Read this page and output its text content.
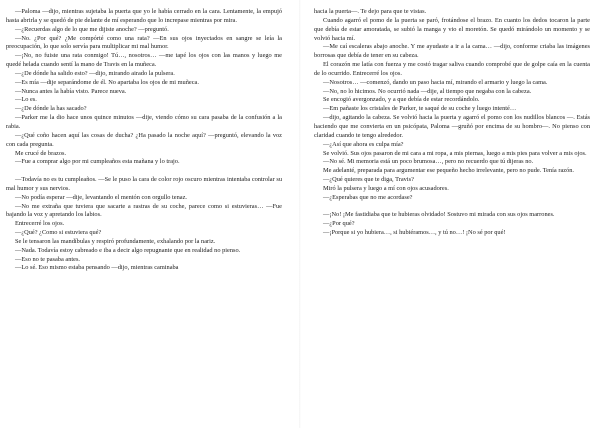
—Paloma —dijo, mientras sujetaba la puerta que yo le había cerrado en la cara. Lentamente, la empujó hasta abrirla y se quedó de pie delante de mí esperando que lo increpase mientras por mira.

—¿Recuerdas algo de lo que me dijiste anoche? —preguntó.

—No. ¿Por qué? ¿Me compórté como una rata? —En sus ojos inyectados en sangre se leía la preocupación, lo que solo servía para multiplicar mi mal humor.

—¡No, no fuiste una rata conmigo! Tú…, nosotros… —me tapé los ojos con las manos y luego me quedé helada cuando sentí la mano de Travis en la muñeca.

—¿De dónde ha salido esto? —dijo, mirando airado la pulsera.

—Es mía —dije separándome de él. No apartaba los ojos de mi muñeca.

—Nunca antes la había visto. Parece nueva.

—Lo es.

—¿De dónde la has sacado?

—Parker me la dio hace unos quince minutos —dije, viendo cómo su cara pasaba de la confusión a la rabia.

—¿Qué coño hacen aquí las cosas de ducha? ¿Ha pasado la noche aquí? —preguntó, elevando la voz con cada pregunta.

Me crucé de brazos.

—Fue a comprar algo por mi cumpleaños esta mañana y lo trajo.

—Todavía no es tu cumpleaños. —Se le puso la cara de color rojo oscuro mientras intentaba controlar su mal humor y sus nervios.

—No podía esperar —dije, levantando el mentón con orgullo tenaz.

—No me extraña que tuviera que sacarte a rastras de su coche, parece como si estuvieras… —Fue bajando la voz y apretando los labios.

Entrecerré los ojos.

—¿Qué? ¿Como si estuviera qué?

Se le tensaron las mandíbulas y respiró profundamente, exhalando por la nariz.

—Nada. Todavía estoy cabreado e iba a decir algo repugnante que en realidad no pienso.

—Eso no te pasaba antes.

—Lo sé. Eso mismo estaba pensando —dijo, mientras caminaba

hacia la puerta—. Te dejo para que te vistas.

Cuando agarró el pomo de la puerta se paró, frotándose el brazo. En cuanto los dedos tocaron la parte que debía de estar amoratada, se subió la manga y vio el moretón. Se quedó mirándolo un momento y se volvió hacia mí.

—Me caí escaleras abajo anoche. Y me ayudaste a ir a la cama… —dijo, conforme criaba las imágenes borrosas que debía de tener en su cabeza.

El corazón me latía con fuerza y me costó tragar saliva cuando comprobé que de golpe caía en la cuenta de lo ocurrido. Entrecerré los ojos.

—Nosotros… —comenzó, dando un paso hacia mí, mirando el armario y luego la cama.

—No, no lo hicimos. No ocurrió nada —dije, al tiempo que negaba con la cabeza.

Se encogió avergonzado, y a que debía de estar recordándolo.

—Em pañaste los cristales de Parker, te saqué de su coche y luego intenté…

—dijo, agitando la cabeza. Se volvió hacia la puerta y agarró el pomo con los nudillos blancos —. Estás haciendo que me convierta en un psicópata, Paloma —gruñó por encima de su hombro—. No pienso con claridad cuando te tengo alrededor.

—¿Así que ahora es culpa mía?

Se volvió. Sus ojos pasaron de mi cara a mi ropa, a mis piernas, luego a mis pies para volver a mis ojos.

—No sé. Mi memoria está un poco brumosa…, pero no recuerdo que tú dijeras no.

Me adelanté, preparada para argumentar ese pequeño hecho irrelevante, pero no pude. Tenía razón.

—¿Qué quieres que te diga, Travis?

Miró la pulsera y luego a mí con ojos acusadores.

—¿Esperabas que no me acordase?

—¡No! ¡Me fastidiaba que te hubieras olvidado! Sostuvo mi mirada con sus ojos marrones.

—¿Por qué?

—¡Porque si yo hubiera…, si hubiéramos…, y tú no…! ¡No sé por qué!
